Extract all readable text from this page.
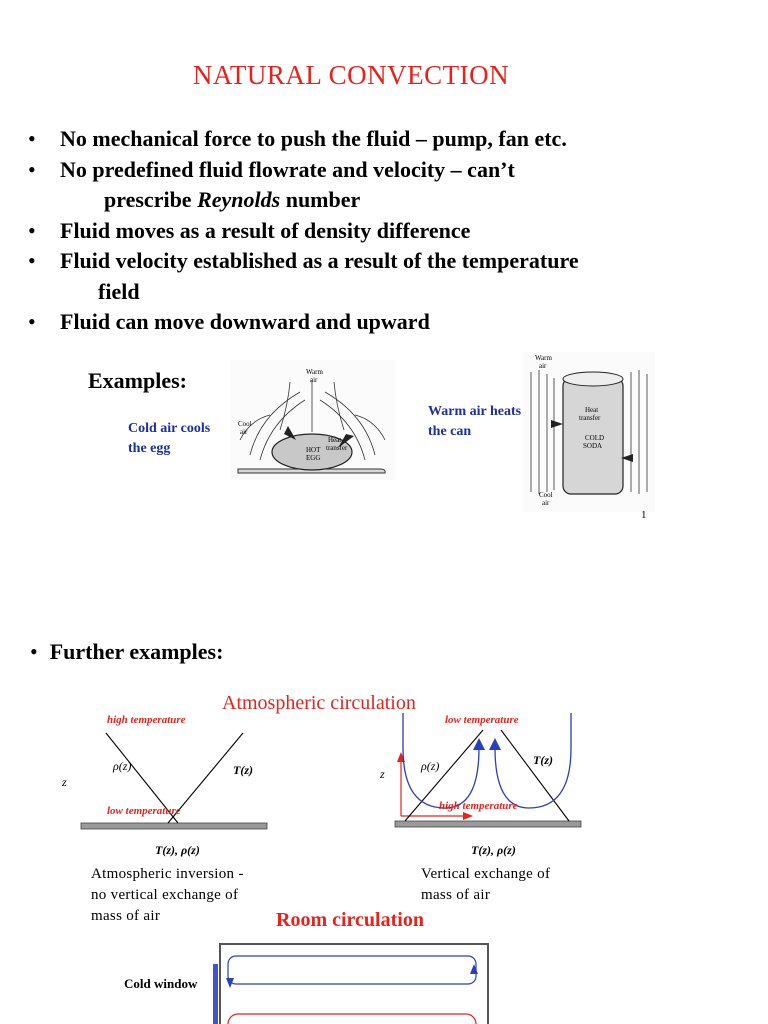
NATURAL CONVECTION
• No mechanical force to push the fluid – pump, fan etc.
• No predefined fluid flowrate and velocity – can’t
prescribe Reynolds number
• Fluid moves as a result of density difference
• Fluid velocity established as a result of the temperature
field
• Fluid can move downward and upward
Examples:
Cold air cools
the egg
Warm
air
Cool
air
HOT
EGG
Heat
transfer
Warm air heats
the can
Warm
air
Heat
transfer
COLD
SODA
Cool
air
1
• Further examples:
Atmospheric circulation
high temperature
low temperature
ρ(z)	T(z)
z
T(z), ρ(z)
Atmospheric inversion -
no vertical exchange of
mass of air
low temperature
high temperature
ρ(z)	T(z)
z
T(z), ρ(z)
Vertical exchange of
mass of air
Room circulation
Cold window
